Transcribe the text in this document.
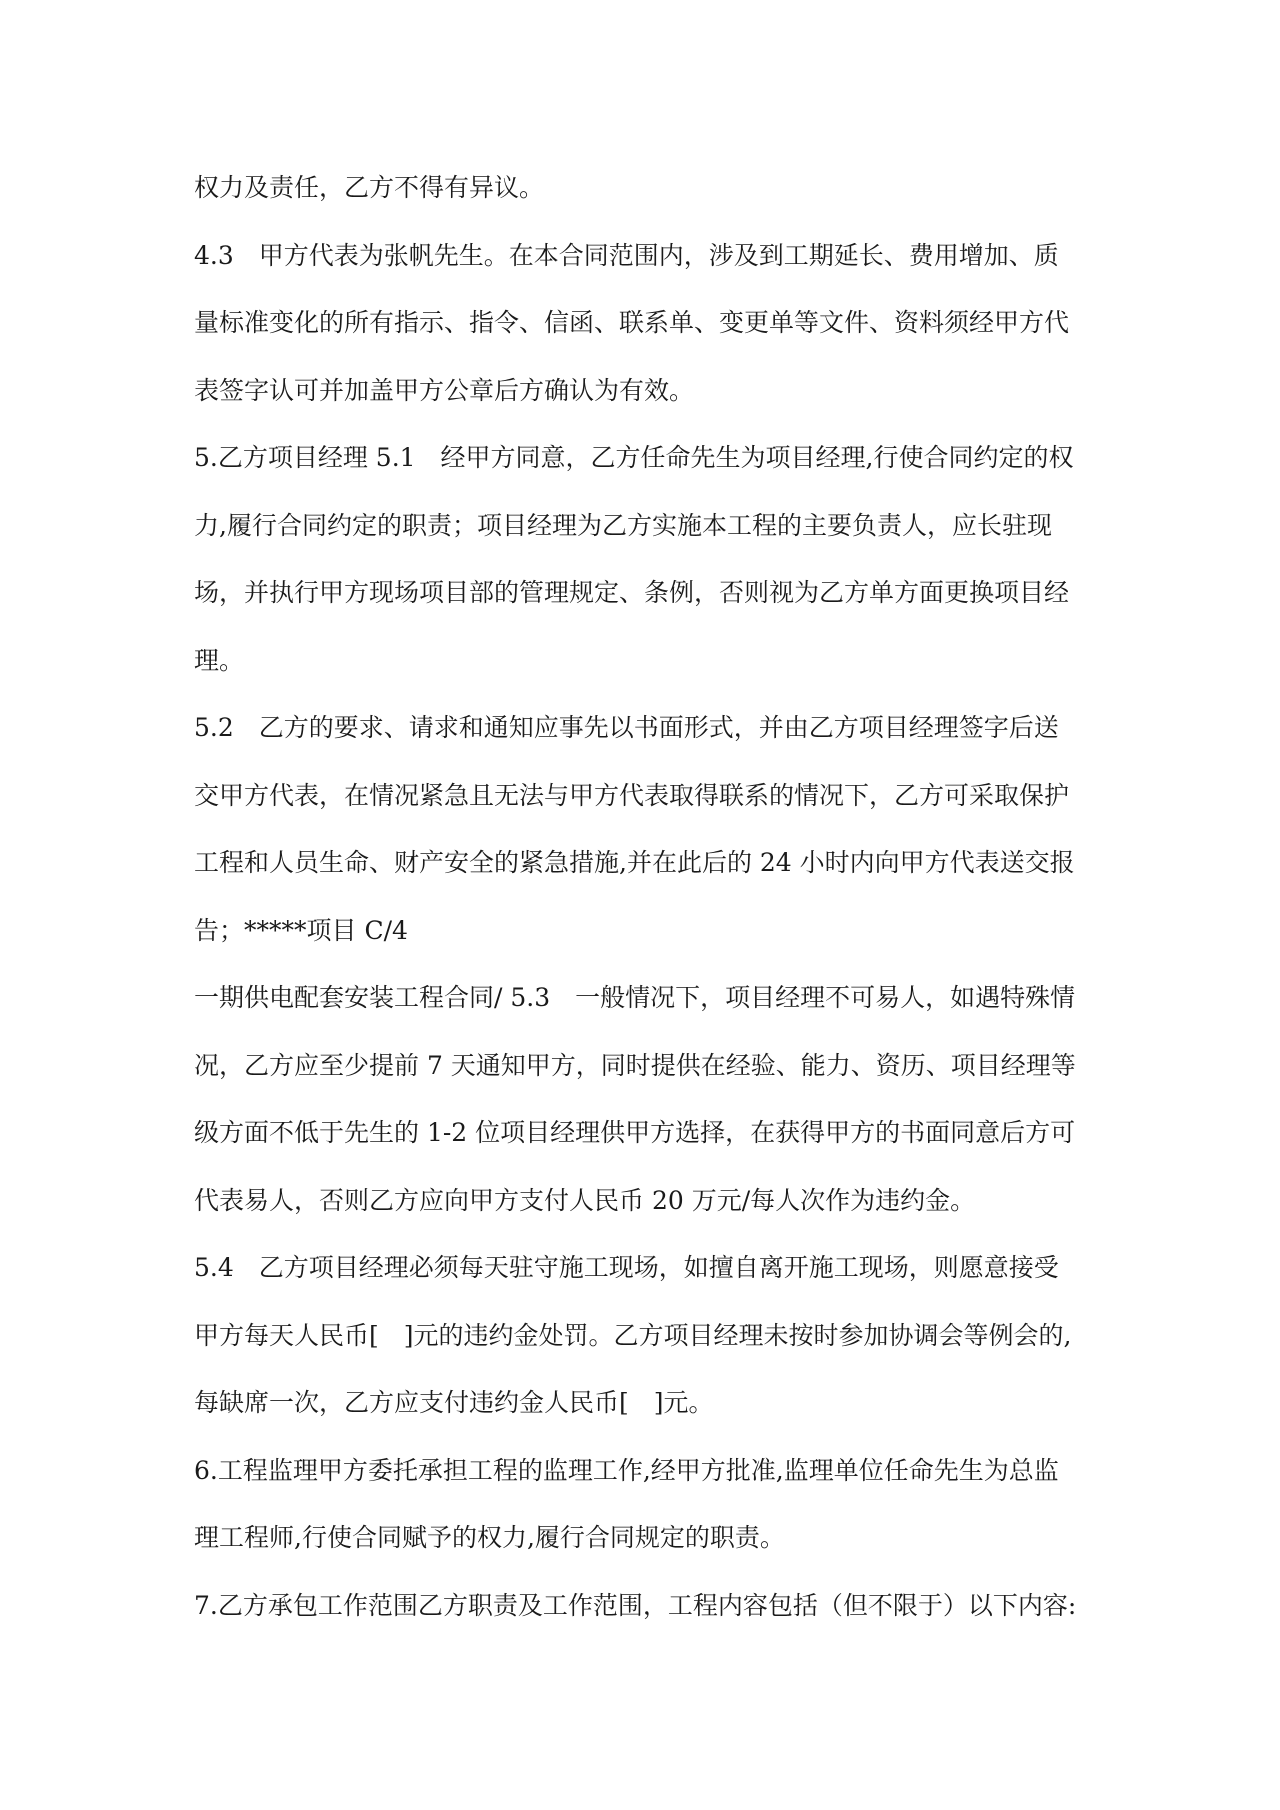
权力及责任，乙方不得有异议。

4.3　甲方代表为张帆先生。在本合同范围内，涉及到工期延长、费用增加、质

量标准变化的所有指示、指令、信函、联系单、变更单等文件、资料须经甲方代

表签字认可并加盖甲方公章后方确认为有效。

5.乙方项目经理 5.1　经甲方同意，乙方任命先生为项目经理,行使合同约定的权

力,履行合同约定的职责；项目经理为乙方实施本工程的主要负责人，应长驻现

场，并执行甲方现场项目部的管理规定、条例，否则视为乙方单方面更换项目经

理。

5.2　乙方的要求、请求和通知应事先以书面形式，并由乙方项目经理签字后送

交甲方代表，在情况紧急且无法与甲方代表取得联系的情况下，乙方可采取保护

工程和人员生命、财产安全的紧急措施,并在此后的 24 小时内向甲方代表送交报

告；*****项目 C/4

一期供电配套安装工程合同/ 5.3　一般情况下，项目经理不可易人，如遇特殊情

况，乙方应至少提前 7 天通知甲方，同时提供在经验、能力、资历、项目经理等

级方面不低于先生的 1-2 位项目经理供甲方选择，在获得甲方的书面同意后方可

代表易人，否则乙方应向甲方支付人民币 20 万元/每人次作为违约金。

5.4　乙方项目经理必须每天驻守施工现场，如擅自离开施工现场，则愿意接受

甲方每天人民币[　]元的违约金处罚。乙方项目经理未按时参加协调会等例会的,

每缺席一次，乙方应支付违约金人民币[　]元。

6.工程监理甲方委托承担工程的监理工作,经甲方批准,监理单位任命先生为总监

理工程师,行使合同赋予的权力,履行合同规定的职责。

7.乙方承包工作范围乙方职责及工作范围，工程内容包括（但不限于）以下内容:
